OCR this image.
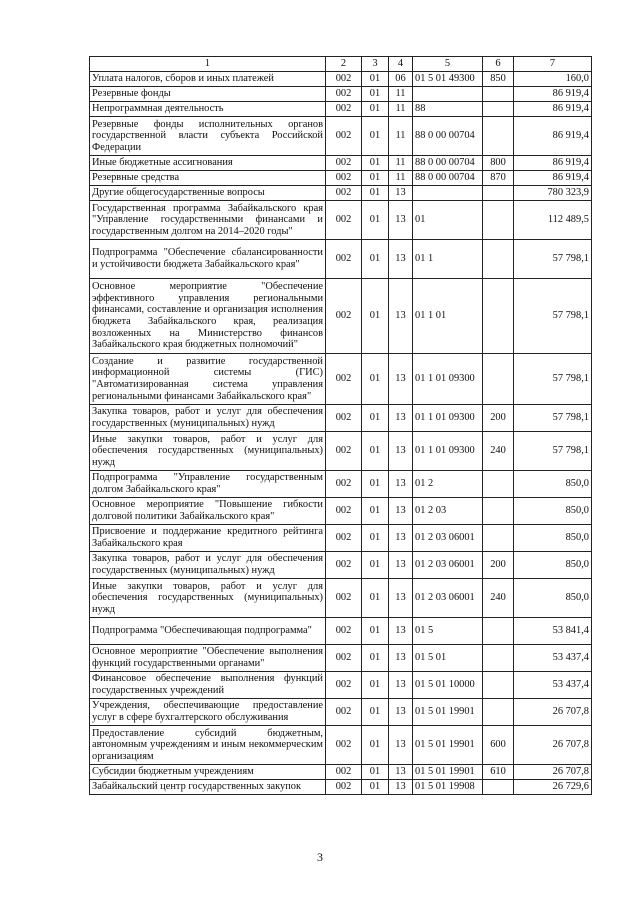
1	2	3	4	5	6	7
Уплата налогов, сборов и иных платежей	002	01	06	01 5 01 49300	850	160,0
Резервные фонды	002	01	11			86 919,4
Непрограммная деятельность	002	01	11	88		86 919,4
Резервные фонды исполнительных органов государственной власти субъекта Российской Федерации	002	01	11	88 0 00 00704		86 919,4
Иные бюджетные ассигнования	002	01	11	88 0 00 00704	800	86 919,4
Резервные средства	002	01	11	88 0 00 00704	870	86 919,4
Другие общегосударственные вопросы	002	01	13			780 323,9
Государственная программа Забайкальского края "Управление государственными финансами и государственным долгом на 2014–2020 годы"	002	01	13	01		112 489,5
Подпрограмма "Обеспечение сбалансированности и устойчивости бюджета Забайкальского края"	002	01	13	01 1		57 798,1
Основное мероприятие "Обеспечение эффективного управления региональными финансами, составление и организация исполнения бюджета Забайкальского края, реализация возложенных на Министерство финансов Забайкальского края бюджетных полномочий"	002	01	13	01 1 01		57 798,1
Создание и развитие государственной информационной системы (ГИС) "Автоматизированная система управления региональными финансами Забайкальского края"	002	01	13	01 1 01 09300		57 798,1
Закупка товаров, работ и услуг для обеспечения государственных (муниципальных) нужд	002	01	13	01 1 01 09300	200	57 798,1
Иные закупки товаров, работ и услуг для обеспечения государственных (муниципальных) нужд	002	01	13	01 1 01 09300	240	57 798,1
Подпрограмма "Управление государственным долгом Забайкальского края"	002	01	13	01 2		850,0
Основное мероприятие "Повышение гибкости долговой политики Забайкальского края"	002	01	13	01 2 03		850,0
Присвоение и поддержание кредитного рейтинга Забайкальского края	002	01	13	01 2 03 06001		850,0
Закупка товаров, работ и услуг для обеспечения государственных (муниципальных) нужд	002	01	13	01 2 03 06001	200	850,0
Иные закупки товаров, работ и услуг для обеспечения государственных (муниципальных) нужд	002	01	13	01 2 03 06001	240	850,0
Подпрограмма "Обеспечивающая подпрограмма"	002	01	13	01 5		53 841,4
Основное мероприятие "Обеспечение выполнения функций государственными органами"	002	01	13	01 5 01		53 437,4
Финансовое обеспечение выполнения функций государственных учреждений	002	01	13	01 5 01 10000		53 437,4
Учреждения, обеспечивающие предоставление услуг в сфере бухгалтерского обслуживания	002	01	13	01 5 01 19901		26 707,8
Предоставление субсидий бюджетным, автономным учреждениям и иным некоммерческим организациям	002	01	13	01 5 01 19901	600	26 707,8
Субсидии бюджетным учреждениям	002	01	13	01 5 01 19901	610	26 707,8
Забайкальский центр государственных закупок	002	01	13	01 5 01 19908		26 729,6
3
